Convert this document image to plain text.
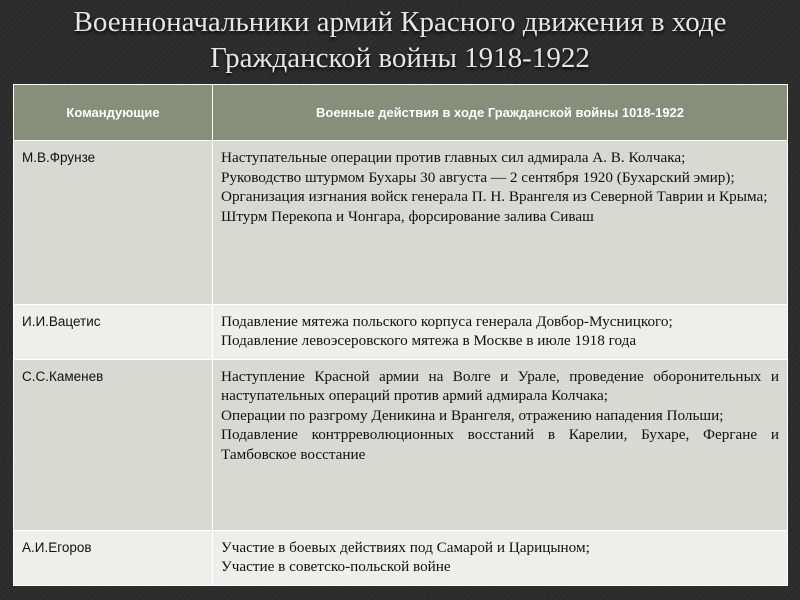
Военноначальники армий Красного движения в ходе
Гражданской войны 1918-1922
Командующие	Военные действия в ходе Гражданской войны 1018-1922
М.В.Фрунзе	Наступательные операции против главных сил адмирала А. В. Колчака;
Руководство штурмом Бухары 30 августа — 2 сентября 1920 (Бухарский эмир);
Организация изгнания войск генерала П. Н. Врангеля из Северной Таврии и Крыма;
Штурм Перекопа и Чонгара, форсирование залива Сиваш

И.И.Вацетис	Подавление мятежа польского корпуса генерала Довбор-Мусницкого;
Подавление левоэсеровского мятежа в Москве в июле 1918 года

С.С.Каменев	Наступление Красной армии на Волге и Урале, проведение оборонительных и наступательных операций против армий адмирала Колчака;
Операции по разгрому Деникина и Врангеля, отражению нападения Польши;
Подавление контрреволюционных восстаний в Карелии, Бухаре, Фергане и Тамбовское восстание

А.И.Егоров	Участие в боевых действиях под Самарой и Царицыном;
Участие в советско-польской войне
